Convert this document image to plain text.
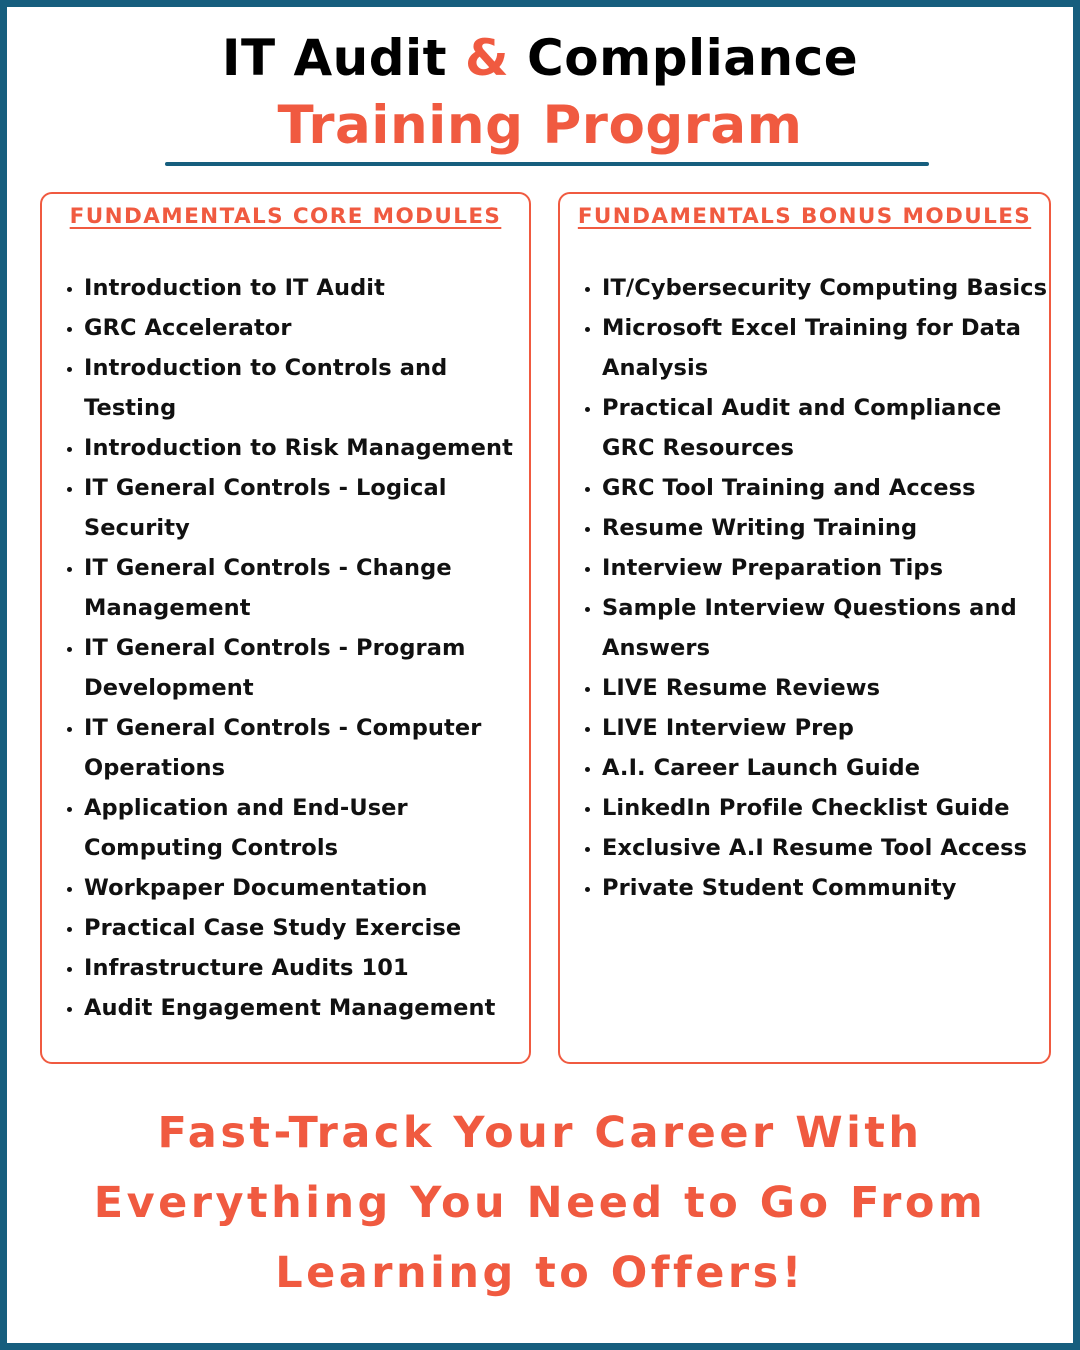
IT Audit & Compliance
Training Program
FUNDAMENTALS CORE MODULES
Introduction to IT Audit
GRC Accelerator
Introduction to Controls and Testing
Introduction to Risk Management
IT General Controls - Logical Security
IT General Controls - Change Management
IT General Controls - Program Development
IT General Controls - Computer Operations
Application and End-User Computing Controls
Workpaper Documentation
Practical Case Study Exercise
Infrastructure Audits 101
Audit Engagement Management
FUNDAMENTALS BONUS MODULES
IT/Cybersecurity Computing Basics
Microsoft Excel Training for Data Analysis
Practical Audit and Compliance GRC Resources
GRC Tool Training and Access
Resume Writing Training
Interview Preparation Tips
Sample Interview Questions and Answers
LIVE Resume Reviews
LIVE Interview Prep
A.I. Career Launch Guide
LinkedIn Profile Checklist Guide
Exclusive A.I Resume Tool Access
Private Student Community
Fast-Track Your Career With
Everything You Need to Go From
Learning to Offers!
